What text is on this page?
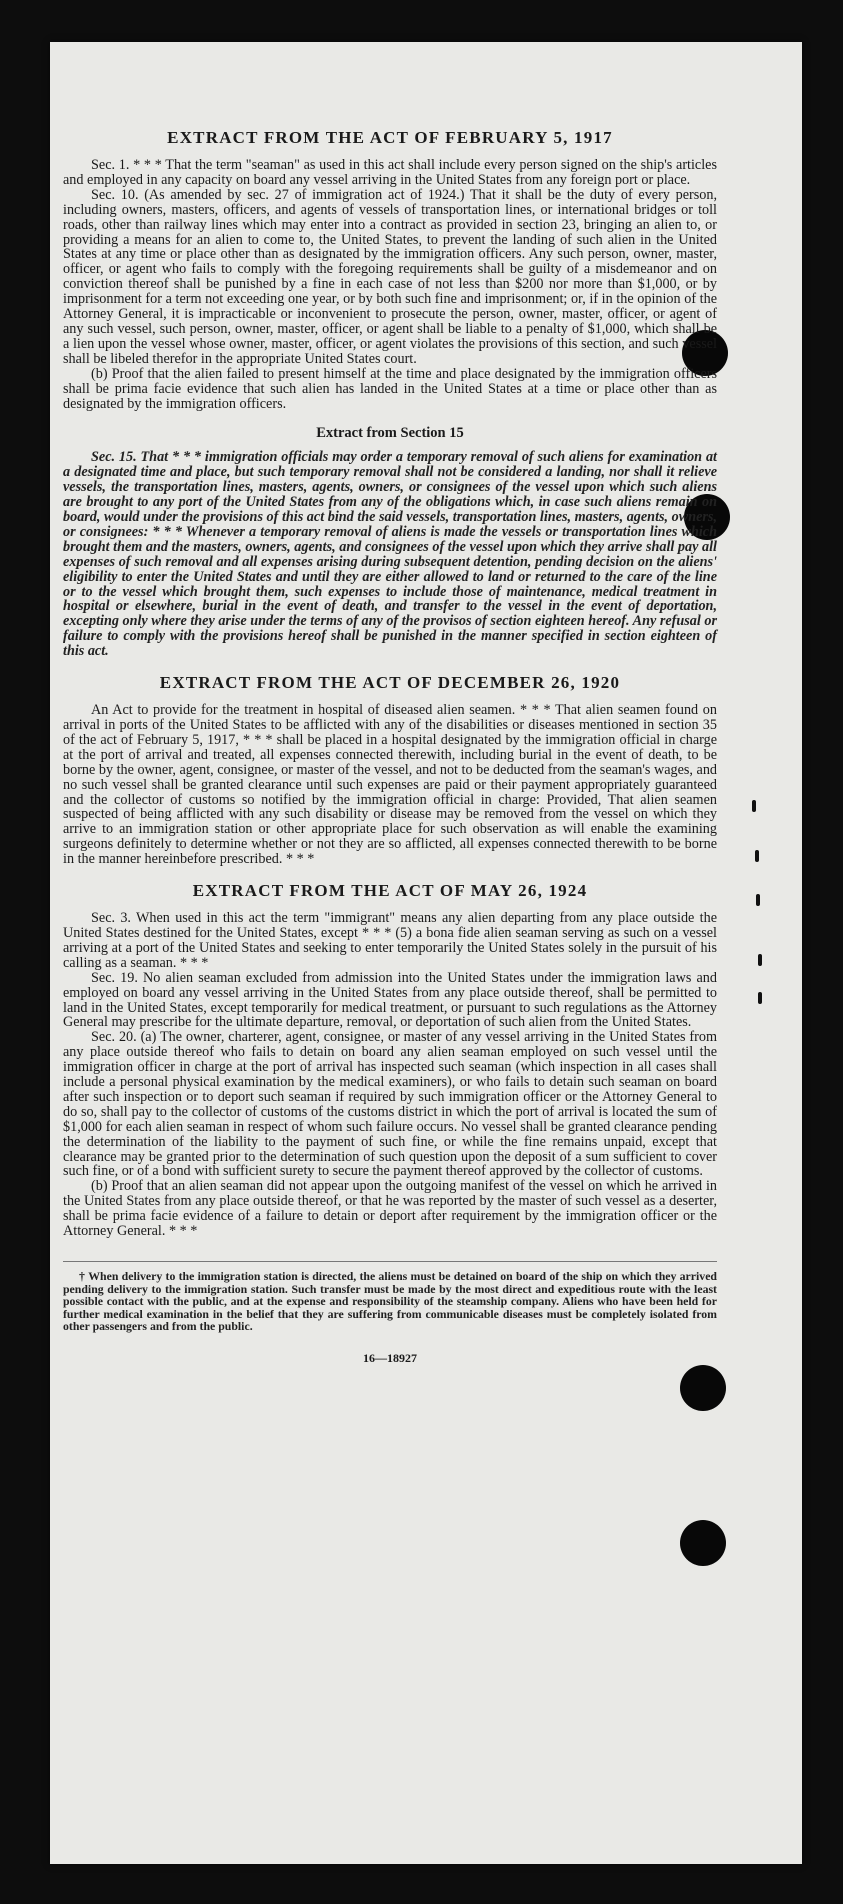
EXTRACT FROM THE ACT OF FEBRUARY 5, 1917

Sec. 1. * * * That the term "seaman" as used in this act shall include every person signed on the ship's articles and employed in any capacity on board any vessel arriving in the United States from any foreign port or place.

Sec. 10. (As amended by sec. 27 of immigration act of 1924.) That it shall be the duty of every person, including owners, masters, officers, and agents of vessels of transportation lines, or international bridges or toll roads, other than railway lines which may enter into a contract as provided in section 23, bringing an alien to, or providing a means for an alien to come to, the United States, to prevent the landing of such alien in the United States at any time or place other than as designated by the immigration officers. Any such person, owner, master, officer, or agent who fails to comply with the foregoing requirements shall be guilty of a misdemeanor and on conviction thereof shall be punished by a fine in each case of not less than $200 nor more than $1,000, or by imprisonment for a term not exceeding one year, or by both such fine and imprisonment; or, if in the opinion of the Attorney General, it is impracticable or inconvenient to prosecute the person, owner, master, officer, or agent of any such vessel, such person, owner, master, officer, or agent shall be liable to a penalty of $1,000, which shall be a lien upon the vessel whose owner, master, officer, or agent violates the provisions of this section, and such vessel shall be libeled therefor in the appropriate United States court.

(b) Proof that the alien failed to present himself at the time and place designated by the immigration officers shall be prima facie evidence that such alien has landed in the United States at a time or place other than as designated by the immigration officers.

Extract from Section 15

Sec. 15. That * * * immigration officials may order a temporary removal of such aliens for examination at a designated time and place, but such temporary removal shall not be considered a landing, nor shall it relieve vessels, the transportation lines, masters, agents, owners, or consignees of the vessel upon which such aliens are brought to any port of the United States from any of the obligations which, in case such aliens remain on board, would under the provisions of this act bind the said vessels, transportation lines, masters, agents, owners, or consignees: * * * Whenever a temporary removal of aliens is made the vessels or transportation lines which brought them and the masters, owners, agents, and consignees of the vessel upon which they arrive shall pay all expenses of such removal and all expenses arising during subsequent detention, pending decision on the aliens' eligibility to enter the United States and until they are either allowed to land or returned to the care of the line or to the vessel which brought them, such expenses to include those of maintenance, medical treatment in hospital or elsewhere, burial in the event of death, and transfer to the vessel in the event of deportation, excepting only where they arise under the terms of any of the provisos of section eighteen hereof. Any refusal or failure to comply with the provisions hereof shall be punished in the manner specified in section eighteen of this act.

EXTRACT FROM THE ACT OF DECEMBER 26, 1920

An Act to provide for the treatment in hospital of diseased alien seamen. * * * That alien seamen found on arrival in ports of the United States to be afflicted with any of the disabilities or diseases mentioned in section 35 of the act of February 5, 1917, * * * shall be placed in a hospital designated by the immigration official in charge at the port of arrival and treated, all expenses connected therewith, including burial in the event of death, to be borne by the owner, agent, consignee, or master of the vessel, and not to be deducted from the seaman's wages, and no such vessel shall be granted clearance until such expenses are paid or their payment appropriately guaranteed and the collector of customs so notified by the immigration official in charge: Provided, That alien seamen suspected of being afflicted with any such disability or disease may be removed from the vessel on which they arrive to an immigration station or other appropriate place for such observation as will enable the examining surgeons definitely to determine whether or not they are so afflicted, all expenses connected therewith to be borne in the manner hereinbefore prescribed. * * *

EXTRACT FROM THE ACT OF MAY 26, 1924

Sec. 3. When used in this act the term "immigrant" means any alien departing from any place outside the United States destined for the United States, except * * * (5) a bona fide alien seaman serving as such on a vessel arriving at a port of the United States and seeking to enter temporarily the United States solely in the pursuit of his calling as a seaman. * * *

Sec. 19. No alien seaman excluded from admission into the United States under the immigration laws and employed on board any vessel arriving in the United States from any place outside thereof, shall be permitted to land in the United States, except temporarily for medical treatment, or pursuant to such regulations as the Attorney General may prescribe for the ultimate departure, removal, or deportation of such alien from the United States.

Sec. 20. (a) The owner, charterer, agent, consignee, or master of any vessel arriving in the United States from any place outside thereof who fails to detain on board any alien seaman employed on such vessel until the immigration officer in charge at the port of arrival has inspected such seaman (which inspection in all cases shall include a personal physical examination by the medical examiners), or who fails to detain such seaman on board after such inspection or to deport such seaman if required by such immigration officer or the Attorney General to do so, shall pay to the collector of customs of the customs district in which the port of arrival is located the sum of $1,000 for each alien seaman in respect of whom such failure occurs. No vessel shall be granted clearance pending the determination of the liability to the payment of such fine, or while the fine remains unpaid, except that clearance may be granted prior to the determination of such question upon the deposit of a sum sufficient to cover such fine, or of a bond with sufficient surety to secure the payment thereof approved by the collector of customs.

(b) Proof that an alien seaman did not appear upon the outgoing manifest of the vessel on which he arrived in the United States from any place outside thereof, or that he was reported by the master of such vessel as a deserter, shall be prima facie evidence of a failure to detain or deport after requirement by the immigration officer or the Attorney General. * * *

† When delivery to the immigration station is directed, the aliens must be detained on board of the ship on which they arrived pending delivery to the immigration station. Such transfer must be made by the most direct and expeditious route with the least possible contact with the public, and at the expense and responsibility of the steamship company. Aliens who have been held for further medical examination in the belief that they are suffering from communicable diseases must be completely isolated from other passengers and from the public.

16—18927
